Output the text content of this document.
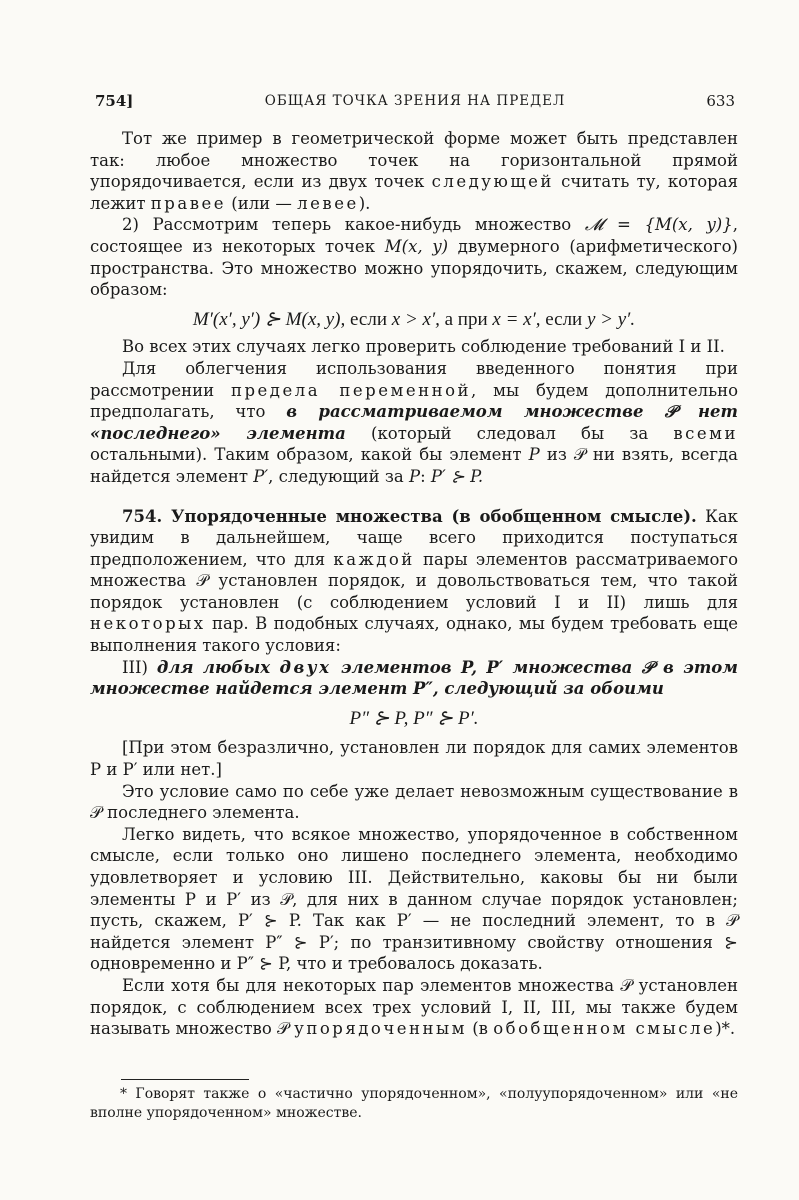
754]	ОБЩАЯ ТОЧКА ЗРЕНИЯ НА ПРЕДЕЛ	633

Тот же пример в геометрической форме может быть представлен так: любое множество точек на горизонтальной прямой упорядочивается, если из двух точек следующей считать ту, которая лежит правее (или — левее).

2) Рассмотрим теперь какое-нибудь множество 𝓜 = {M(x, y)}, состоящее из некоторых точек M(x, y) двумерного (арифметического) пространства. Это множество можно упорядочить, скажем, следующим образом:

M′(x′, y′) ⊱ M(x, y), если x > x′, а при x = x′, если y > y′.

Во всех этих случаях легко проверить соблюдение требований I и II.

Для облегчения использования введенного понятия при рассмотрении предела переменной, мы будем дополнительно предполагать, что в рассматриваемом множестве 𝒫 нет «последнего» элемента (который следовал бы за всеми остальными). Таким образом, какой бы элемент P из 𝒫 ни взять, всегда найдется элемент P′, следующий за P: P′ ⊱ P.

754. Упорядоченные множества (в обобщенном смысле). Как увидим в дальнейшем, чаще всего приходится поступаться предположением, что для каждой пары элементов рассматриваемого множества 𝒫 установлен порядок, и довольствоваться тем, что такой порядок установлен (с соблюдением условий I и II) лишь для некоторых пар. В подобных случаях, однако, мы будем требовать еще выполнения такого условия:

III) для любых двух элементов P, P′ множества 𝒫 в этом множестве найдется элемент P″, следующий за обоими

P″ ⊱ P, P″ ⊱ P′.

[При этом безразлично, установлен ли порядок для самих элементов P и P′ или нет.]

Это условие само по себе уже делает невозможным существование в 𝒫 последнего элемента.

Легко видеть, что всякое множество, упорядоченное в собственном смысле, если только оно лишено последнего элемента, необходимо удовлетворяет и условию III. Действительно, каковы бы ни были элементы P и P′ из 𝒫, для них в данном случае порядок установлен; пусть, скажем, P′ ⊱ P. Так как P′ — не последний элемент, то в 𝒫 найдется элемент P″ ⊱ P′; по транзитивному свойству отношения ⊱ одновременно и P″ ⊱ P, что и требовалось доказать.

Если хотя бы для некоторых пар элементов множества 𝒫 установлен порядок, с соблюдением всех трех условий I, II, III, мы также будем называть множество 𝒫 упорядоченным (в обобщенном смысле)*.

* Говорят также о «частично упорядоченном», «полуупорядоченном» или «не вполне упорядоченном» множестве.
